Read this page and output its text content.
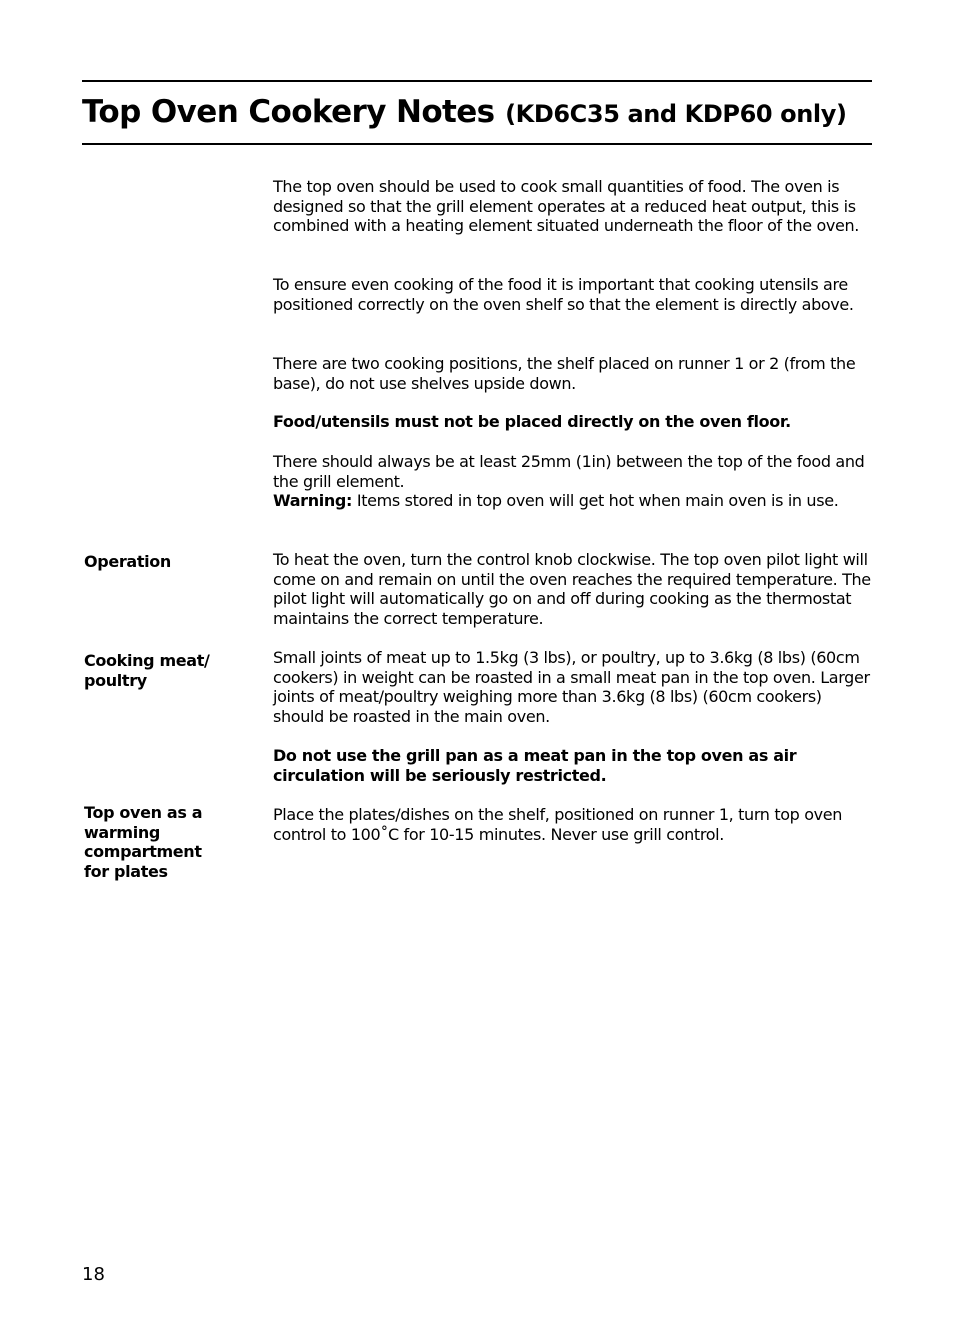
Top Oven Cookery Notes (KD6C35 and KDP60 only)

The top oven should be used to cook small quantities of food. The oven is designed so that the grill element operates at a reduced heat output, this is combined with a heating element situated underneath the floor of the oven.

To ensure even cooking of the food it is important that cooking utensils are positioned correctly on the oven shelf so that the element is directly above.

There are two cooking positions, the shelf placed on runner 1 or 2 (from the base), do not use shelves upside down.

Food/utensils must not be placed directly on the oven floor.

There should always be at least 25mm (1in) between the top of the food and the grill element.
Warning: Items stored in top oven will get hot when main oven is in use.

Operation	To heat the oven, turn the control knob clockwise. The top oven pilot light will come on and remain on until the oven reaches the required temperature. The pilot light will automatically go on and off during cooking as the thermostat maintains the correct temperature.

Cooking meat/
poultry

Small joints of meat up to 1.5kg (3 lbs), or poultry, up to 3.6kg (8 lbs) (60cm cookers) in weight can be roasted in a small meat pan in the top oven. Larger joints of meat/poultry weighing more than 3.6kg (8 lbs) (60cm cookers) should be roasted in the main oven.

Do not use the grill pan as a meat pan in the top oven as air circulation will be seriously restricted.

Top oven as a
warming
compartment
for plates

Place the plates/dishes on the shelf, positioned on runner 1, turn top oven control to 100˚C for 10-15 minutes. Never use grill control.

18
